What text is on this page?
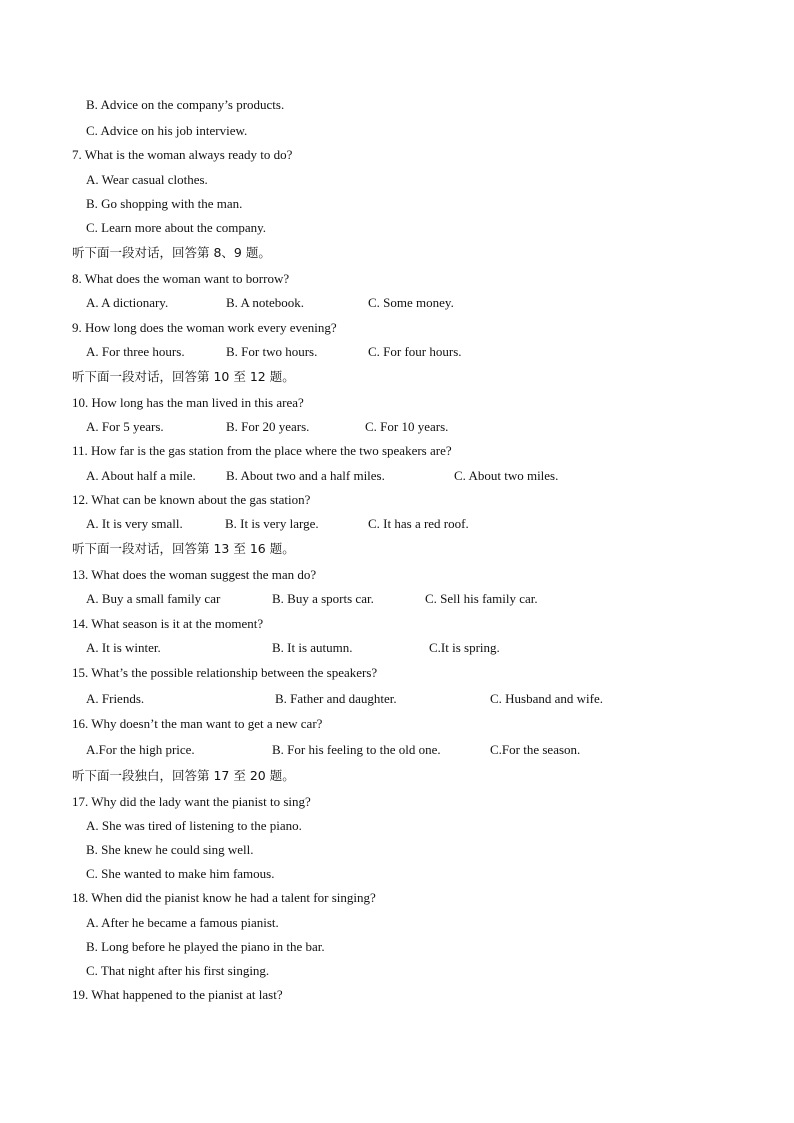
B. Advice on the company’s products.
C. Advice on his job interview.
7. What is the woman always ready to do?
A. Wear casual clothes.
B. Go shopping with the man.
C. Learn more about the company.
听下面一段对话，回答第 8、9 题。
8. What does the woman want to borrow?
A. A dictionary.	B. A notebook.	C. Some money.
9. How long does the woman work every evening?
A. For three hours.	B. For two hours.	C. For four hours.
听下面一段对话，回答第 10 至 12 题。
10. How long has the man lived in this area?
A. For 5 years.	B. For 20 years.	C. For 10 years.
11. How far is the gas station from the place where the two speakers are?
A. About half a mile. B. About two and a half miles.	C. About two miles.
12. What can be known about the gas station?
A. It is very small.	B. It is very large.	C. It has a red roof.
听下面一段对话，回答第 13 至 16 题。
13. What does the woman suggest the man do?
A. Buy a small family car	B. Buy a sports car.	C. Sell his family car.
14. What season is it at the moment?
A. It is winter.	B. It is autumn.	C.It is spring.
15. What’s the possible relationship between the speakers?
A. Friends.	B. Father and daughter.	C. Husband and wife.
16. Why doesn’t the man want to get a new car?
A.For the high price.	B. For his feeling to the old one.	C.For the season.
听下面一段独白，回答第 17 至 20 题。
17. Why did the lady want the pianist to sing?
A. She was tired of listening to the piano.
B. She knew he could sing well.
C. She wanted to make him famous.
18. When did the pianist know he had a talent for singing?
A. After he became a famous pianist.
B. Long before he played the piano in the bar.
C. That night after his first singing.
19. What happened to the pianist at last?
